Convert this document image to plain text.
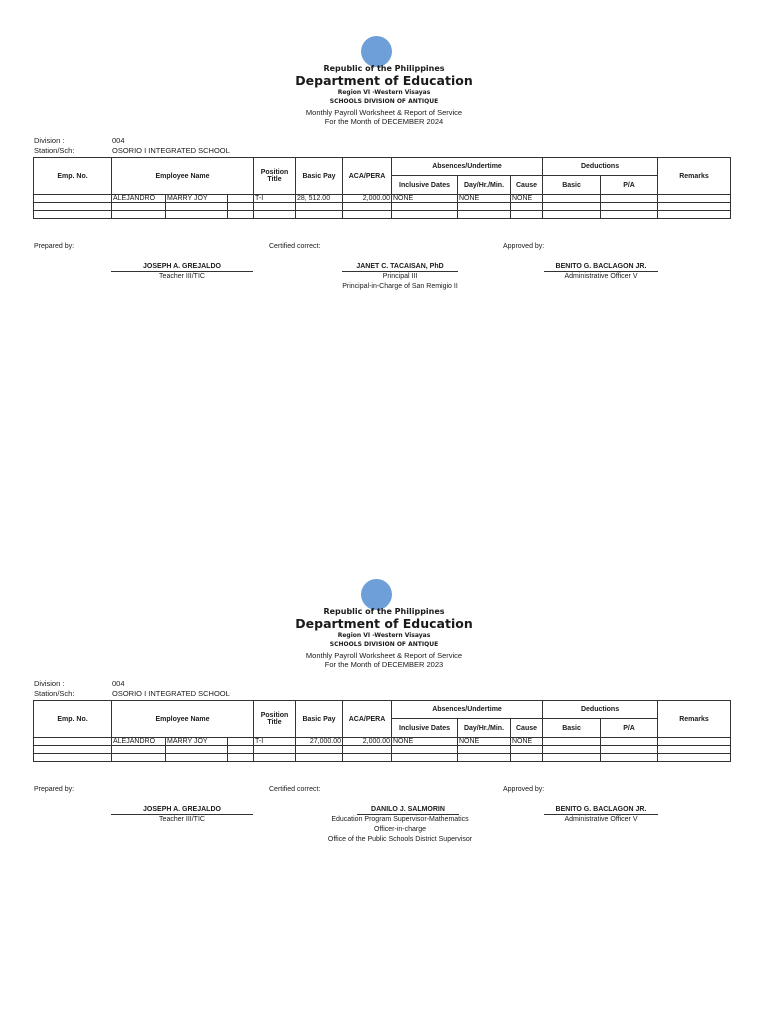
Republic of the Philippines
Department of Education
Region VI -Western Visayas
SCHOOLS DIVISION OF ANTIQUE
Monthly Payroll Worksheet & Report of Service
For the Month of DECEMBER 2024
Division :	004
Station/Sch:	OSORIO I INTEGRATED SCHOOL
Emp. No.	Employee Name			Position Title	Basic Pay	ACA/PERA	Absences/Undertime			Deductions		Remarks
							Inclusive Dates	Day/Hr./Min.	Cause	Basic	P/A	
	ALEJANDRO	MARRY JOY		T-I	28, 512.00	2,000.00	NONE	NONE	NONE			

Prepared by:	Certified correct:	Approved by:
JOSEPH A. GREJALDO
Teacher III/TIC
JANET C. TACAISAN, PhD
Principal III
Principal-in-Charge of San Remigio II
BENITO G. BACLAGON JR.
Administrative Officer V
Republic of the Philippines
Department of Education
Region VI -Western Visayas
SCHOOLS DIVISION OF ANTIQUE
Monthly Payroll Worksheet & Report of Service
For the Month of DECEMBER 2023
Division :	004
Station/Sch:	OSORIO I INTEGRATED SCHOOL
Emp. No.	Employee Name			Position Title	Basic Pay	ACA/PERA	Absences/Undertime			Deductions		Remarks
							Inclusive Dates	Day/Hr./Min.	Cause	Basic	P/A	
	ALEJANDRO	MARRY JOY		T-I	27,000.00	2,000.00	NONE	NONE	NONE			

Prepared by:	Certified correct:	Approved by:
JOSEPH A. GREJALDO
Teacher III/TIC
DANILO J. SALMORIN
Education Program Supervisor-Mathematics
Officer-in-charge
Office of the Public Schools District Supervisor
BENITO G. BACLAGON JR.
Administrative Officer V
